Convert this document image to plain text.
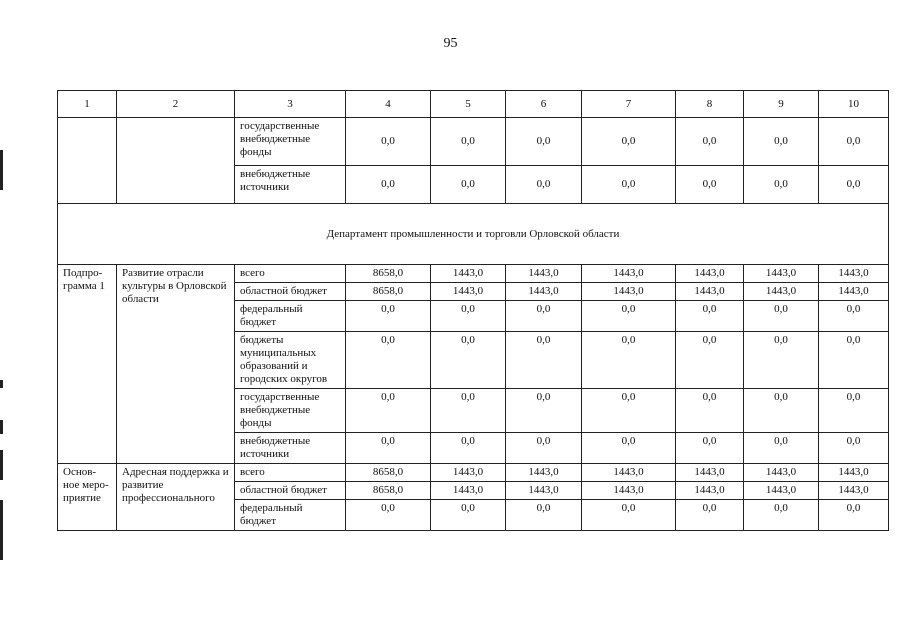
95
1	2	3	4	5	6	7	8	9	10
		государственные внебюджетные фонды	0,0	0,0	0,0	0,0	0,0	0,0	0,0
		внебюджетные источники	0,0	0,0	0,0	0,0	0,0	0,0	0,0
Департамент промышленности и торговли Орловской области									
Подпро-грамма 1	Развитие отрасли культуры в Орловской области	всего	8658,0	1443,0	1443,0	1443,0	1443,0	1443,0	1443,0
		областной бюджет	8658,0	1443,0	1443,0	1443,0	1443,0	1443,0	1443,0
		федеральный бюджет	0,0	0,0	0,0	0,0	0,0	0,0	0,0
		бюджеты муниципальных образований и городских округов	0,0	0,0	0,0	0,0	0,0	0,0	0,0
		государственные внебюджетные фонды	0,0	0,0	0,0	0,0	0,0	0,0	0,0
		внебюджетные источники	0,0	0,0	0,0	0,0	0,0	0,0	0,0
Основ-ное меро-приятие	Адресная поддержка и развитие профессионального	всего	8658,0	1443,0	1443,0	1443,0	1443,0	1443,0	1443,0
		областной бюджет	8658,0	1443,0	1443,0	1443,0	1443,0	1443,0	1443,0
		федеральный бюджет	0,0	0,0	0,0	0,0	0,0	0,0	0,0
